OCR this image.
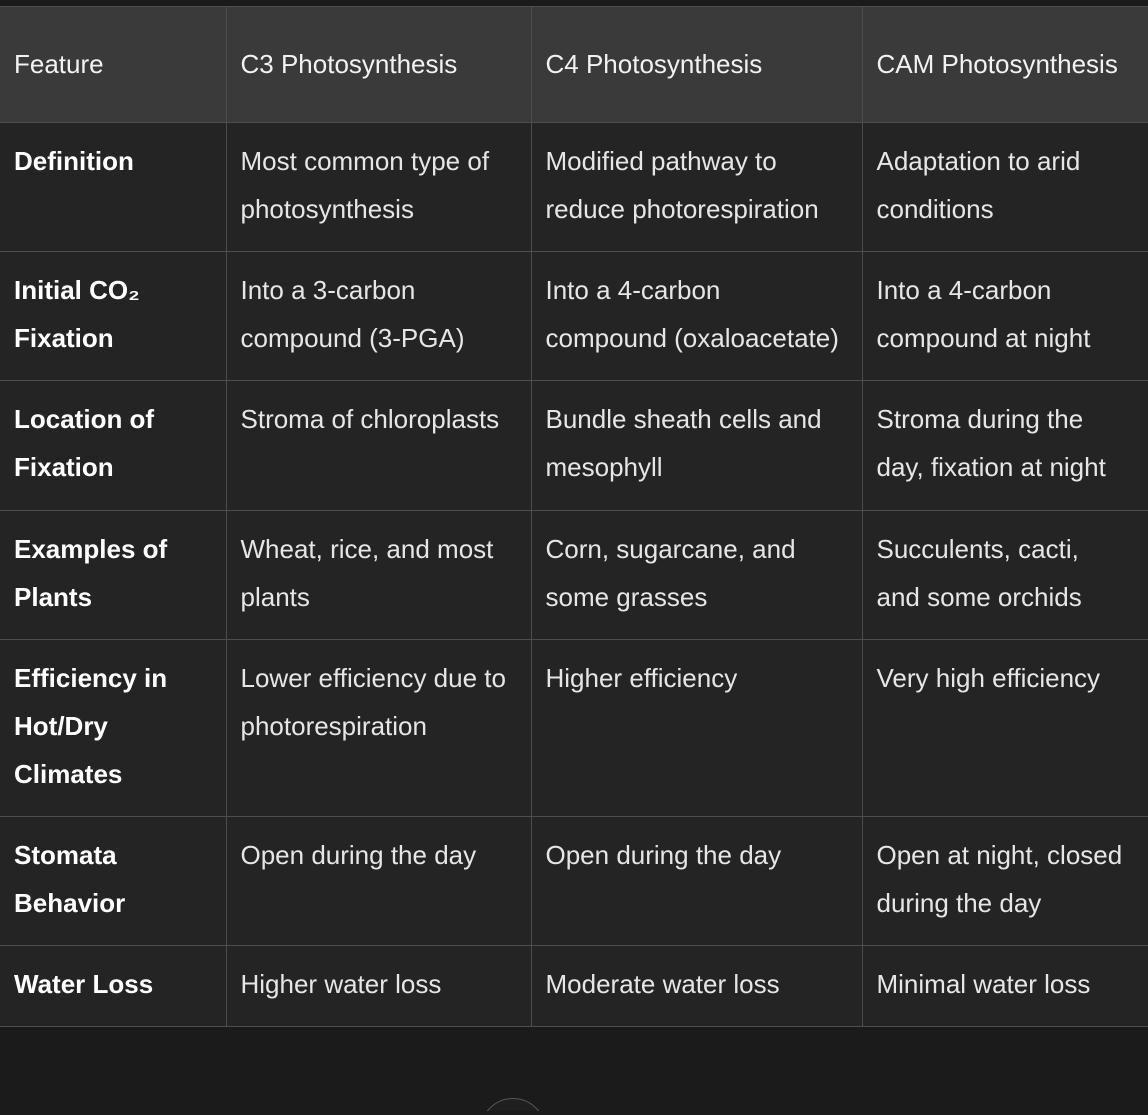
Feature	C3 Photosynthesis	C4 Photosynthesis	CAM Photosynthesis

Definition	Most common type of photosynthesis	Modified pathway to reduce photorespiration	Adaptation to arid conditions

Initial CO₂ Fixation	Into a 3-carbon compound (3-PGA)	Into a 4-carbon compound (oxaloacetate)	Into a 4-carbon compound at night

Location of Fixation	Stroma of chloroplasts	Bundle sheath cells and mesophyll	Stroma during the day, fixation at night

Examples of Plants	Wheat, rice, and most plants	Corn, sugarcane, and some grasses	Succulents, cacti, and some orchids

Efficiency in Hot/Dry Climates	Lower efficiency due to photorespiration	Higher efficiency	Very high efficiency

Stomata Behavior	Open during the day	Open during the day	Open at night, closed during the day

Water Loss	Higher water loss	Moderate water loss	Minimal water loss
